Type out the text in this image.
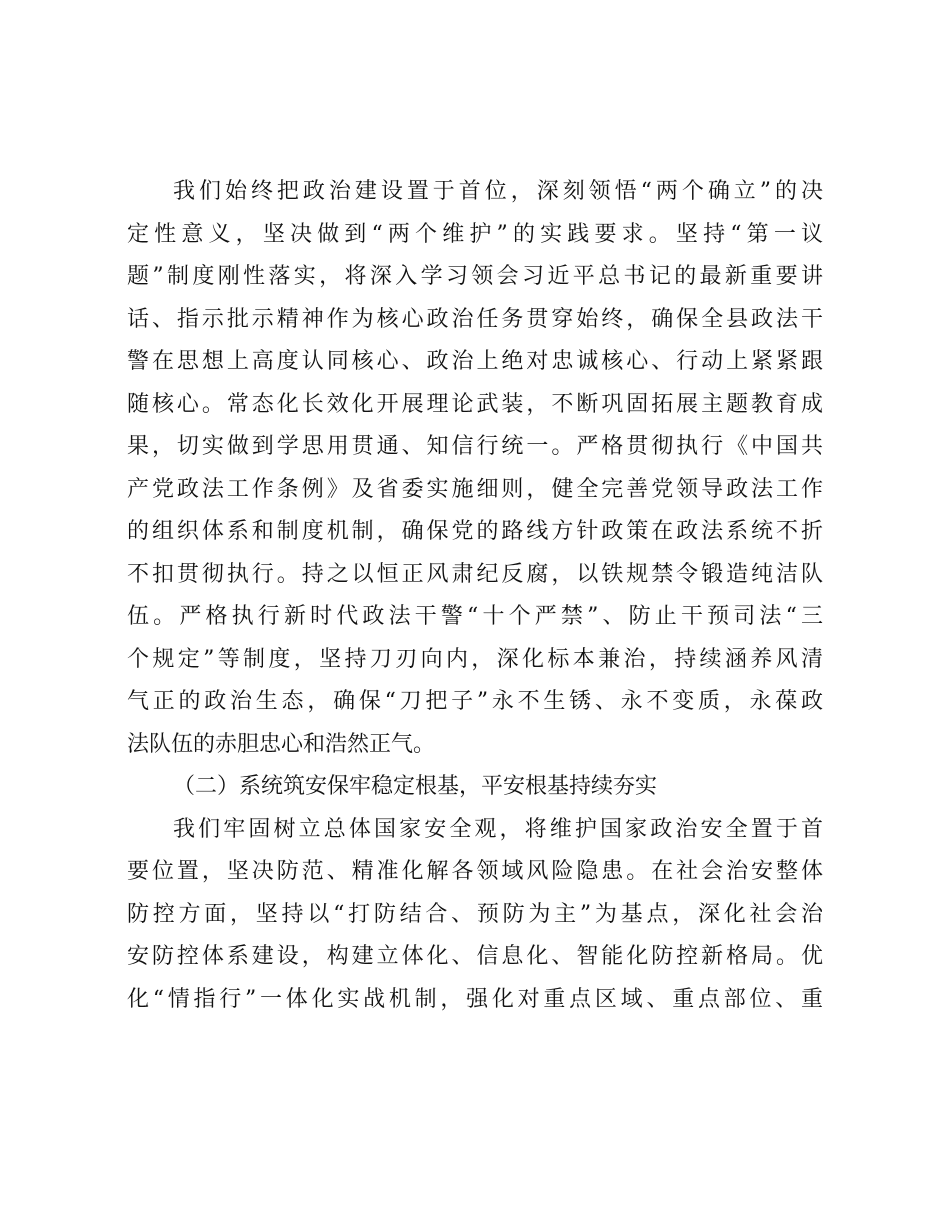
我们始终把政治建设置于首位，深刻领悟“两个确立”的决
定性意义，坚决做到“两个维护”的实践要求。坚持“第一议
题”制度刚性落实，将深入学习领会习近平总书记的最新重要讲
话、指示批示精神作为核心政治任务贯穿始终，确保全县政法干
警在思想上高度认同核心、政治上绝对忠诚核心、行动上紧紧跟
随核心。常态化长效化开展理论武装，不断巩固拓展主题教育成
果，切实做到学思用贯通、知信行统一。严格贯彻执行《中国共
产党政法工作条例》及省委实施细则，健全完善党领导政法工作
的组织体系和制度机制，确保党的路线方针政策在政法系统不折
不扣贯彻执行。持之以恒正风肃纪反腐，以铁规禁令锻造纯洁队
伍。严格执行新时代政法干警“十个严禁”、防止干预司法“三
个规定”等制度，坚持刀刃向内，深化标本兼治，持续涵养风清
气正的政治生态，确保“刀把子”永不生锈、永不变质，永葆政
法队伍的赤胆忠心和浩然正气。
（二）系统筑安保牢稳定根基，平安根基持续夯实
我们牢固树立总体国家安全观，将维护国家政治安全置于首
要位置，坚决防范、精准化解各领域风险隐患。在社会治安整体
防控方面，坚持以“打防结合、预防为主”为基点，深化社会治
安防控体系建设，构建立体化、信息化、智能化防控新格局。优
化“情指行”一体化实战机制，强化对重点区域、重点部位、重
